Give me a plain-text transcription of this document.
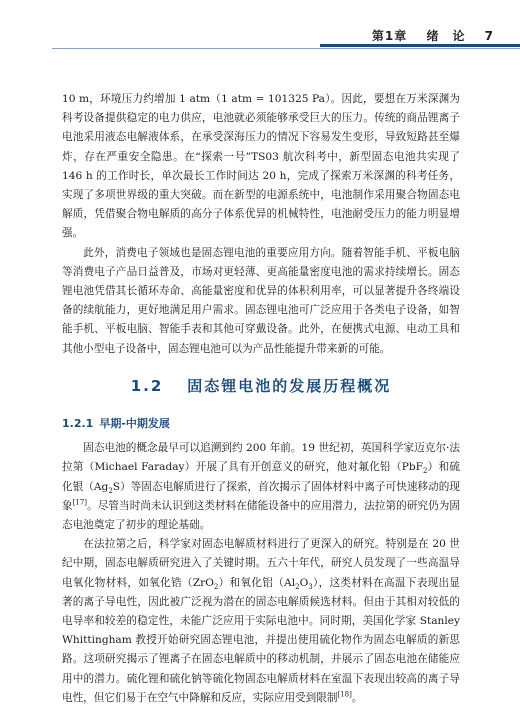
第1章 绪　论 7

10 m，环境压力约增加 1 atm（1 atm = 101325 Pa）。因此，要想在万米深渊为科考设备提供稳定的电力供应，电池就必须能够承受巨大的压力。传统的商品锂离子电池采用液态电解液体系，在承受深海压力的情况下容易发生变形，导致短路甚至爆炸，存在严重安全隐患。在“探索一号”TS03 航次科考中，新型固态电池共实现了 146 h 的工作时长，单次最长工作时间达 20 h，完成了探索万米深渊的科考任务，实现了多项世界级的重大突破。而在新型的电源系统中，电池制作采用聚合物固态电解质，凭借聚合物电解质的高分子体系优异的机械特性，电池耐受压力的能力明显增强。

此外，消费电子领域也是固态锂电池的重要应用方向。随着智能手机、平板电脑等消费电子产品日益普及，市场对更轻薄、更高能量密度电池的需求持续增长。固态锂电池凭借其长循环寿命、高能量密度和优异的体积利用率，可以显著提升各终端设备的续航能力，更好地满足用户需求。固态锂电池可广泛应用于各类电子设备，如智能手机、平板电脑、智能手表和其他可穿戴设备。此外，在便携式电源、电动工具和其他小型电子设备中，固态锂电池可以为产品性能提升带来新的可能。

1.2 固态锂电池的发展历程概况
1.2.1 早期-中期发展

固态电池的概念最早可以追溯到约 200 年前。19 世纪初，英国科学家迈克尔·法拉第（Michael Faraday）开展了具有开创意义的研究，他对氟化铅（PbF$_2$）和硫化银$(Ag_2S)$等固态电解质进行了探索，首次揭示了固体材料中离子可快速移动的现象[17]。尽管当时尚未认识到这类材料在储能设备中的应用潜力，法拉第的研究仍为固态电池奠定了初步的理论基础。

在法拉第之后，科学家对固态电解质材料进行了更深入的研究。特别是在 20 世纪中期，固态电解质研究进入了关键时期。五六十年代，研究人员发现了一些高温导电氧化物材料，如氧化锆（ZrO$_2$）和氧化铝$(Al_2O_3)$，这类材料在高温下表现出显著的离子导电性，因此被广泛视为潜在的固态电解质候选材料。但由于其相对较低的电导率和较差的稳定性，未能广泛应用于实际电池中。同时期，美国化学家 Stanley Whittingham 教授开始研究固态锂电池，并提出使用硫化物作为固态电解质的新思路。这项研究揭示了锂离子在固态电解质中的移动机制，并展示了固态电池在储能应用中的潜力。硫化锂和硫化钠等硫化物固态电解质材料在室温下表现出较高的离子导电性，但它们易于在空气中降解和反应，实际应用受到限制[18]。
